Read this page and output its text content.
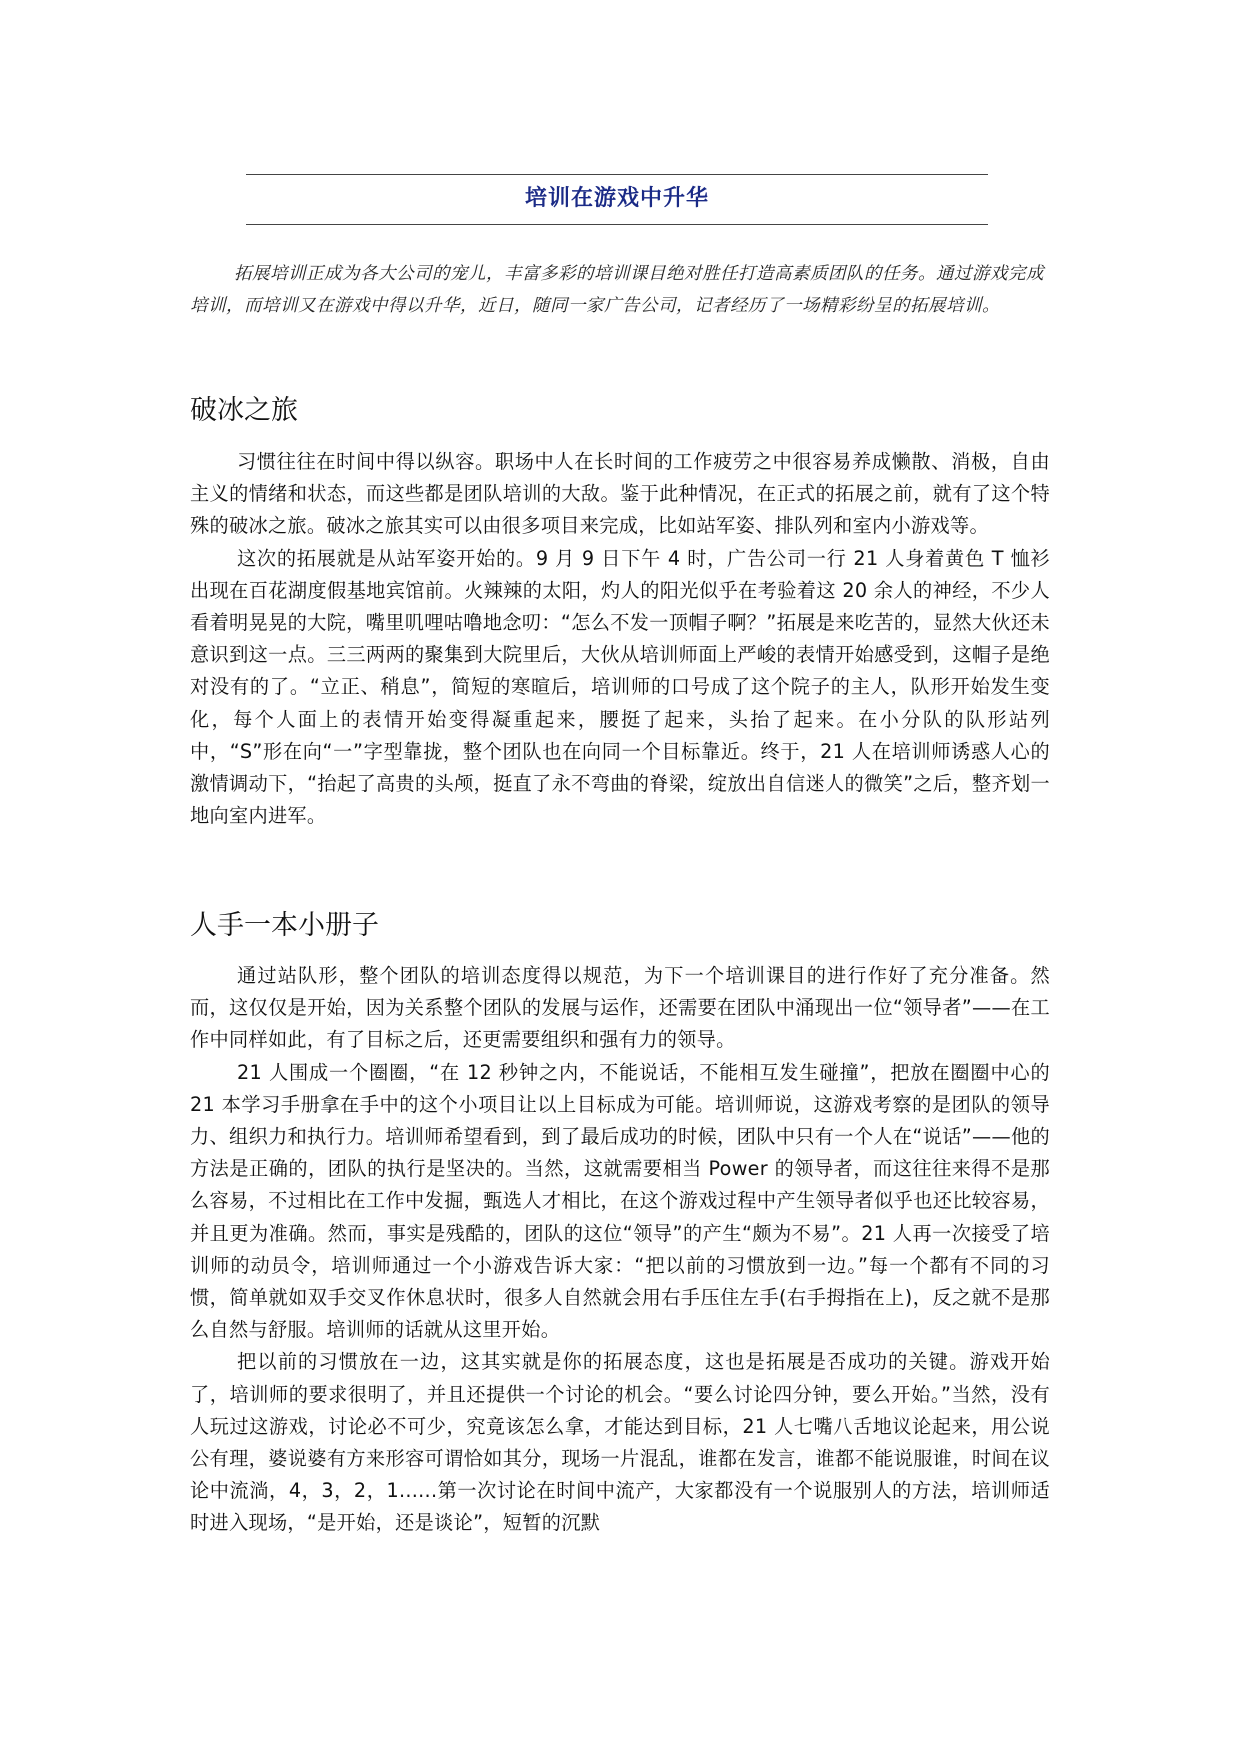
培训在游戏中升华

拓展培训正成为各大公司的宠儿，丰富多彩的培训课目绝对胜任打造高素质团队的任务。通过游戏完成培训，而培训又在游戏中得以升华，近日，随同一家广告公司，记者经历了一场精彩纷呈的拓展培训。

破冰之旅

习惯往往在时间中得以纵容。职场中人在长时间的工作疲劳之中很容易养成懒散、消极，自由主义的情绪和状态，而这些都是团队培训的大敌。鉴于此种情况，在正式的拓展之前，就有了这个特殊的破冰之旅。破冰之旅其实可以由很多项目来完成，比如站军姿、排队列和室内小游戏等。

这次的拓展就是从站军姿开始的。9 月 9 日下午 4 时，广告公司一行 21 人身着黄色 T 恤衫出现在百花湖度假基地宾馆前。火辣辣的太阳，灼人的阳光似乎在考验着这 20 余人的神经，不少人看着明晃晃的大院，嘴里叽哩咕噜地念叨：“怎么不发一顶帽子啊？”拓展是来吃苦的，显然大伙还未意识到这一点。三三两两的聚集到大院里后，大伙从培训师面上严峻的表情开始感受到，这帽子是绝对没有的了。“立正、稍息”，简短的寒暄后，培训师的口号成了这个院子的主人，队形开始发生变化，每个人面上的表情开始变得凝重起来，腰挺了起来，头抬了起来。在小分队的队形站列中，“S”形在向“一”字型靠拢，整个团队也在向同一个目标靠近。终于，21 人在培训师诱惑人心的激情调动下，“抬起了高贵的头颅，挺直了永不弯曲的脊梁，绽放出自信迷人的微笑”之后，整齐划一地向室内进军。

人手一本小册子

通过站队形，整个团队的培训态度得以规范，为下一个培训课目的进行作好了充分准备。然而，这仅仅是开始，因为关系整个团队的发展与运作，还需要在团队中涌现出一位“领导者”——在工作中同样如此，有了目标之后，还更需要组织和强有力的领导。

21 人围成一个圈圈，“在 12 秒钟之内，不能说话，不能相互发生碰撞”，把放在圈圈中心的 21 本学习手册拿在手中的这个小项目让以上目标成为可能。培训师说，这游戏考察的是团队的领导力、组织力和执行力。培训师希望看到，到了最后成功的时候，团队中只有一个人在“说话”——他的方法是正确的，团队的执行是坚决的。当然，这就需要相当 Power 的领导者，而这往往来得不是那么容易，不过相比在工作中发掘，甄选人才相比，在这个游戏过程中产生领导者似乎也还比较容易，并且更为准确。然而，事实是残酷的，团队的这位“领导”的产生“颇为不易”。21 人再一次接受了培训师的动员令，培训师通过一个小游戏告诉大家：“把以前的习惯放到一边。”每一个都有不同的习惯，简单就如双手交叉作休息状时，很多人自然就会用右手压住左手(右手拇指在上)，反之就不是那么自然与舒服。培训师的话就从这里开始。

把以前的习惯放在一边，这其实就是你的拓展态度，这也是拓展是否成功的关键。游戏开始了，培训师的要求很明了，并且还提供一个讨论的机会。“要么讨论四分钟，要么开始。”当然，没有人玩过这游戏，讨论必不可少，究竟该怎么拿，才能达到目标，21 人七嘴八舌地议论起来，用公说公有理，婆说婆有方来形容可谓恰如其分，现场一片混乱，谁都在发言，谁都不能说服谁，时间在议论中流淌，4，3，2，1......第一次讨论在时间中流产，大家都没有一个说服别人的方法，培训师适时进入现场，“是开始，还是谈论”，短暂的沉默
